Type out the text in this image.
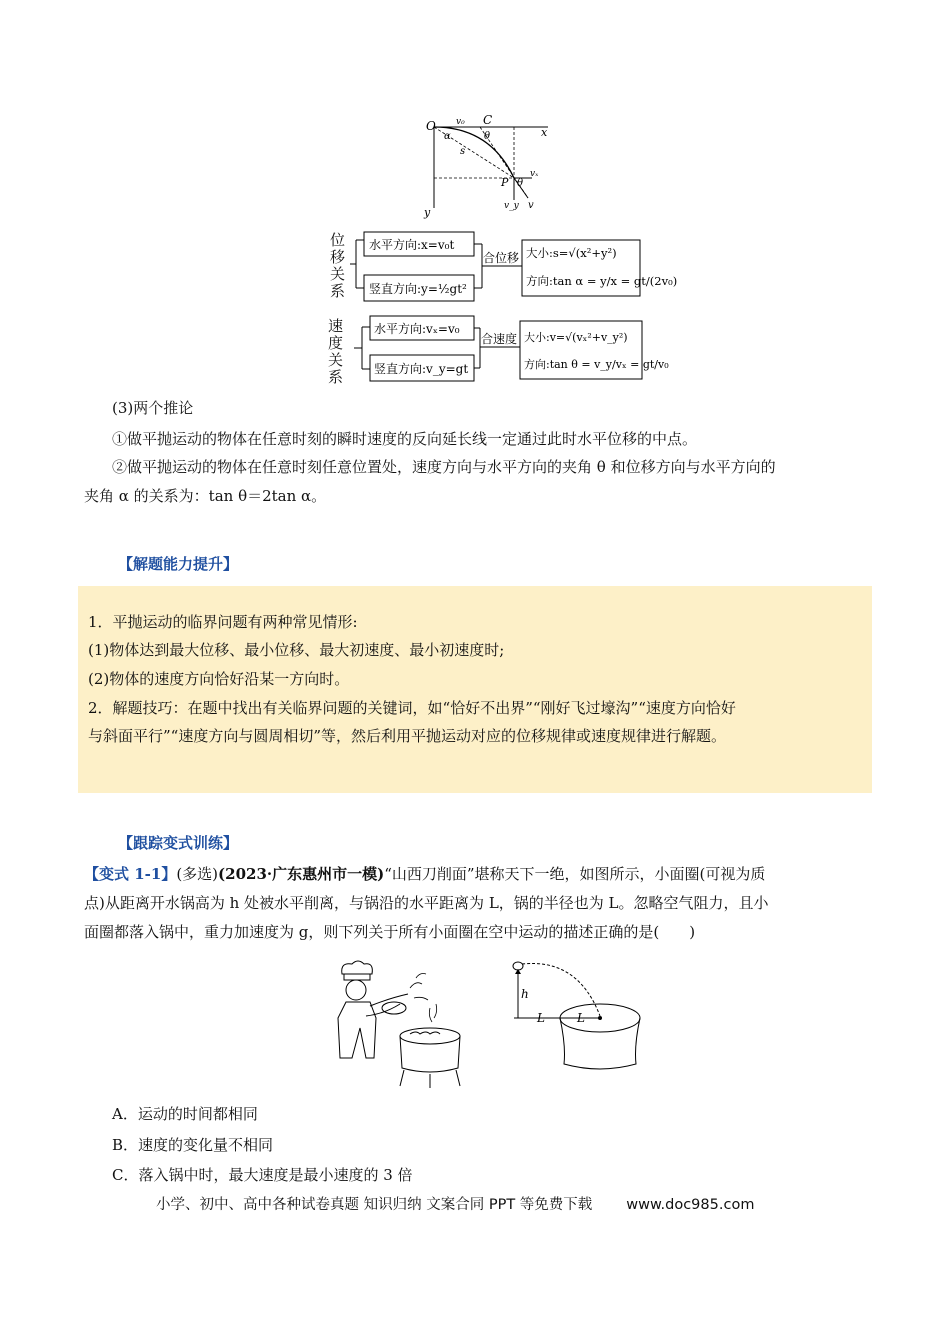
O v₀ C
x
α	θ
s
P θ
vₓ
v_y v
y
水平方向:x=v₀t
竖直方向:y=½gt²
合位移 大小:s=√(x²+y²)
方向:tan α = y/x = gt/(2v₀)
位移关系
水平方向:vₓ=v₀
竖直方向:v_y=gt
合速度 大小:v=√(vₓ²+v_y²)
方向:tan θ = v_y/vₓ = gt/v₀
速度关系
(3)两个推论
①做平抛运动的物体在任意时刻的瞬时速度的反向延长线一定通过此时水平位移的中点。
②做平抛运动的物体在任意时刻任意位置处，速度方向与水平方向的夹角 θ 和位移方向与水平方向的
夹角 α 的关系为：tan θ＝2tan α。
【解题能力提升】
1．平抛运动的临界问题有两种常见情形:
(1)物体达到最大位移、最小位移、最大初速度、最小初速度时;
(2)物体的速度方向恰好沿某一方向时。
2．解题技巧：在题中找出有关临界问题的关键词，如“恰好不出界”“刚好飞过壕沟”“速度方向恰好
与斜面平行”“速度方向与圆周相切”等，然后利用平抛运动对应的位移规律或速度规律进行解题。
【跟踪变式训练】
【变式 1-1】(多选)(2023·广东惠州市一模)“山西刀削面”堪称天下一绝，如图所示，小面圈(可视为质
点)从距离开水锅高为 h 处被水平削离，与锅沿的水平距离为 L，锅的半径也为 L。忽略空气阻力，且小
面圈都落入锅中，重力加速度为 g，则下列关于所有小面圈在空中运动的描述正确的是(　　)
h
L	L
A．运动的时间都相同
B．速度的变化量不相同
C．落入锅中时，最大速度是最小速度的 3 倍
小学、初中、高中各种试卷真题 知识归纳 文案合同 PPT 等免费下载 www.doc985.com
